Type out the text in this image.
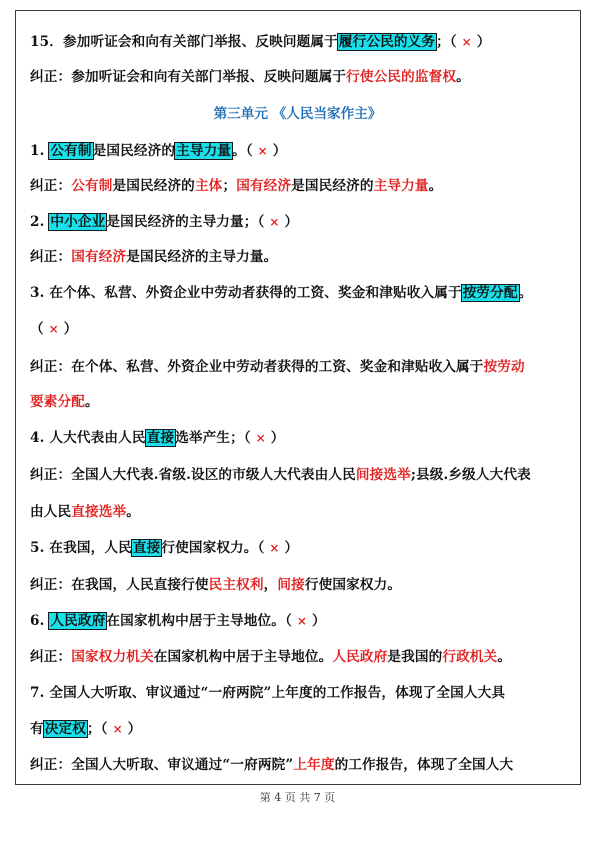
第三单元 《人民当家作主》
15．参加听证会和向有关部门举报、反映问题属于履行公民的义务；（ × ）
纠正：参加听证会和向有关部门举报、反映问题属于行使公民的监督权。
1. 公有制是国民经济的主导力量。（ × ）
纠正：公有制是国民经济的主体；国有经济是国民经济的主导力量。
2. 中小企业是国民经济的主导力量；（ × ）
纠正：国有经济是国民经济的主导力量。
3. 在个体、私营、外资企业中劳动者获得的工资、奖金和津贴收入属于按劳分配。
（ × ）
纠正：在个体、私营、外资企业中劳动者获得的工资、奖金和津贴收入属于按劳动
要素分配。
4. 人大代表由人民直接选举产生；（ × ）
纠正：全国人大代表.省级.设区的市级人大代表由人民间接选举;县级.乡级人大代表
由人民直接选举。
5. 在我国，人民直接行使国家权力。（ × ）
纠正：在我国，人民直接行使民主权利，间接行使国家权力。
6. 人民政府在国家机构中居于主导地位。（ × ）
纠正：国家权力机关在国家机构中居于主导地位。人民政府是我国的行政机关。
7. 全国人大听取、审议通过“一府两院”上年度的工作报告，体现了全国人大具
有决定权；（ × ）
纠正：全国人大听取、审议通过“一府两院”上年度的工作报告，体现了全国人大
第 4 页 共 7 页
